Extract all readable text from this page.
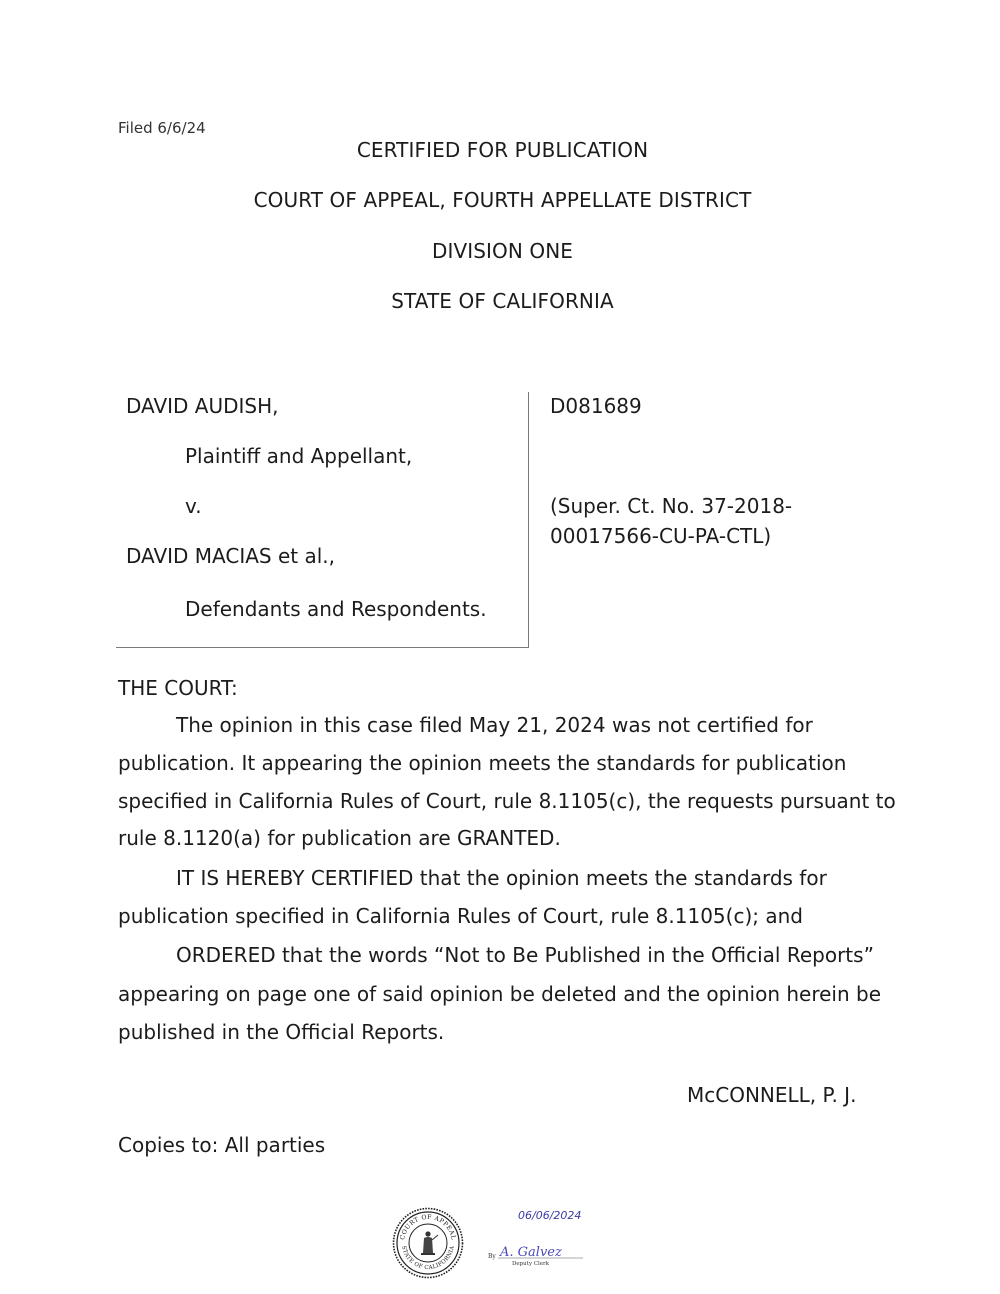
Filed 6/6/24
CERTIFIED FOR PUBLICATION
COURT OF APPEAL, FOURTH APPELLATE DISTRICT
DIVISION ONE
STATE OF CALIFORNIA
DAVID AUDISH,
Plaintiff and Appellant,
v.
DAVID MACIAS et al.,
Defendants and Respondents.
D081689
(Super. Ct. No. 37-2018-
00017566-CU-PA-CTL)
THE COURT:
The opinion in this case filed May 21, 2024 was not certified for
publication. It appearing the opinion meets the standards for publication
specified in California Rules of Court, rule 8.1105(c), the requests pursuant to
rule 8.1120(a) for publication are GRANTED.
IT IS HEREBY CERTIFIED that the opinion meets the standards for
publication specified in California Rules of Court, rule 8.1105(c); and
ORDERED that the words “Not to Be Published in the Official Reports”
appearing on page one of said opinion be deleted and the opinion herein be
published in the Official Reports.
McCONNELL, P. J.
Copies to: All parties
COURT OF APPEAL
STATE OF CALIFORNIA
06/06/2024
By A. Galvez
Deputy Clerk
